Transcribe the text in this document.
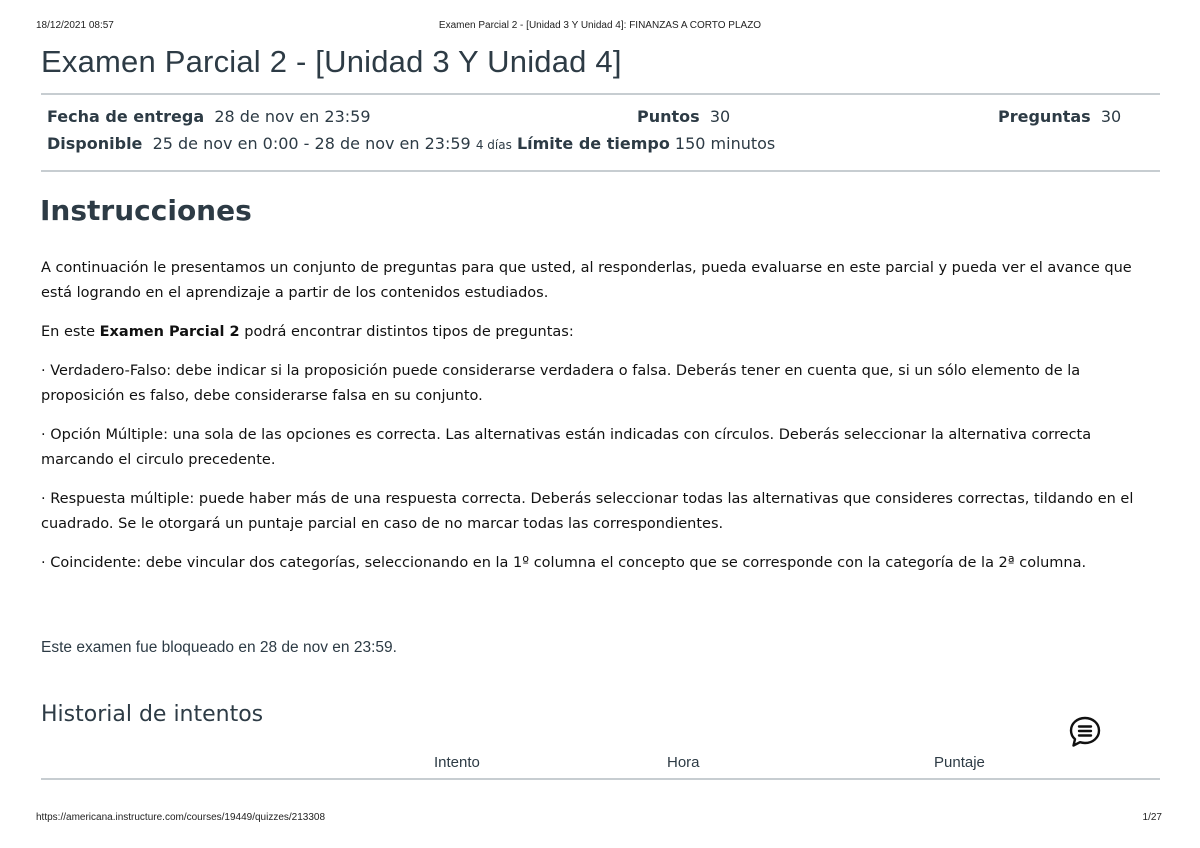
18/12/2021 08:57	Examen Parcial 2 - [Unidad 3 Y Unidad 4]: FINANZAS A CORTO PLAZO
Examen Parcial 2 - [Unidad 3 Y Unidad 4]
Fecha de entrega 28 de nov en 23:59	Puntos 30	Preguntas 30
Disponible 25 de nov en 0:00 - 28 de nov en 23:59 4 días Límite de tiempo 150 minutos
Instrucciones

A continuación le presentamos un conjunto de preguntas para que usted, al responderlas, pueda evaluarse en este parcial y pueda ver el avance que está logrando en el aprendizaje a partir de los contenidos estudiados.

En este Examen Parcial 2 podrá encontrar distintos tipos de preguntas:

· Verdadero-Falso: debe indicar si la proposición puede considerarse verdadera o falsa. Deberás tener en cuenta que, si un sólo elemento de la proposición es falso, debe considerarse falsa en su conjunto.

· Opción Múltiple: una sola de las opciones es correcta. Las alternativas están indicadas con círculos. Deberás seleccionar la alternativa correcta marcando el circulo precedente.

· Respuesta múltiple: puede haber más de una respuesta correcta. Deberás seleccionar todas las alternativas que consideres correctas, tildando en el cuadrado. Se le otorgará un puntaje parcial en caso de no marcar todas las correspondientes.

· Coincidente: debe vincular dos categorías, seleccionando en la 1º columna el concepto que se corresponde con la categoría de la 2ª columna.

Este examen fue bloqueado en 28 de nov en 23:59.
Historial de intentos
Intento	Hora	Puntaje
https://americana.instructure.com/courses/19449/quizzes/213308	1/27
